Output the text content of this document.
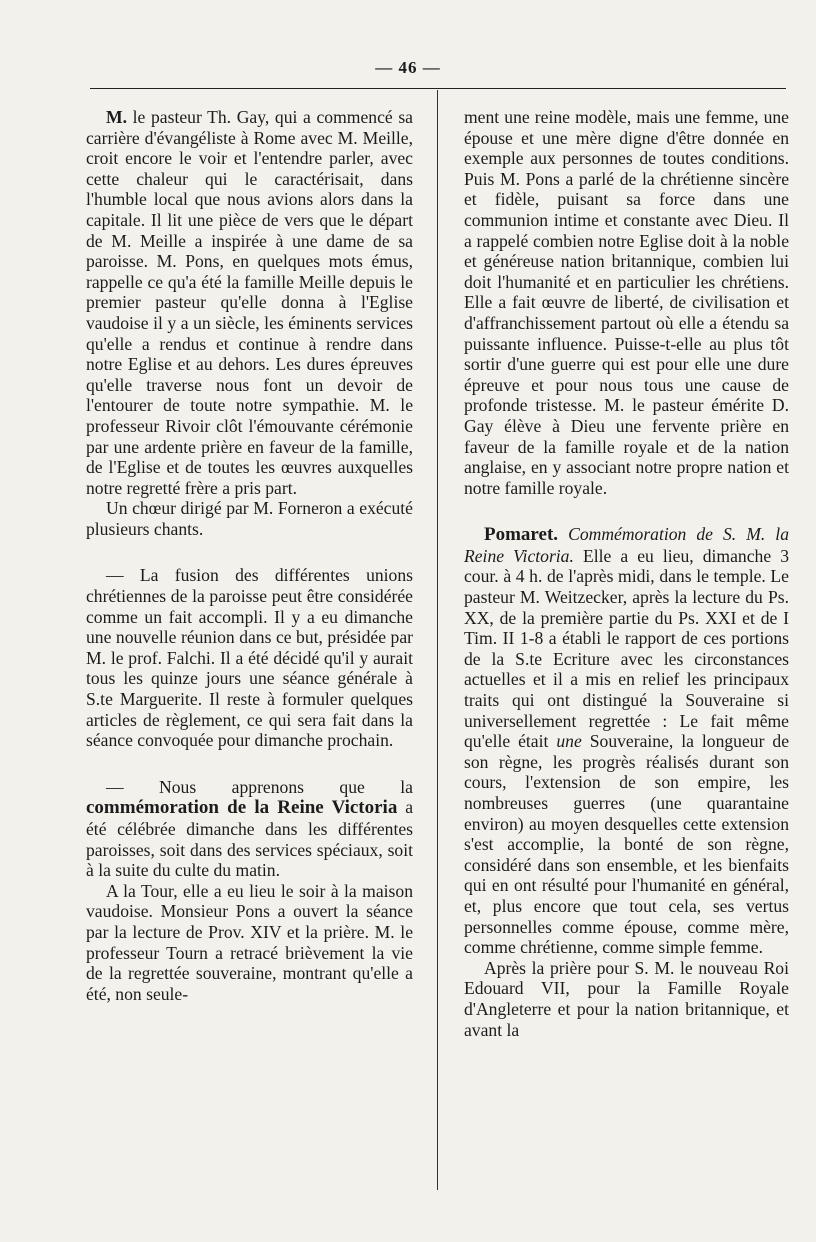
— 46 —

M. le pasteur Th. Gay, qui a commencé sa carrière d'évangéliste à Rome avec M. Meille, croit encore le voir et l'entendre parler, avec cette chaleur qui le caractérisait, dans l'humble local que nous avions alors dans la capitale. Il lit une pièce de vers que le départ de M. Meille a inspirée à une dame de sa paroisse. M. Pons, en quelques mots émus, rappelle ce qu'a été la famille Meille depuis le premier pasteur qu'elle donna à l'Eglise vaudoise il y a un siècle, les éminents services qu'elle a rendus et continue à rendre dans notre Eglise et au dehors. Les dures épreuves qu'elle traverse nous font un devoir de l'entourer de toute notre sympathie. M. le professeur Rivoir clôt l'émouvante cérémonie par une ardente prière en faveur de la famille, de l'Eglise et de toutes les œuvres auxquelles notre regretté frère a pris part.

Un chœur dirigé par M. Forneron a exécuté plusieurs chants.

— La fusion des différentes unions chrétiennes de la paroisse peut être considérée comme un fait accompli. Il y a eu dimanche une nouvelle réunion dans ce but, présidée par M. le prof. Falchi. Il a été décidé qu'il y aurait tous les quinze jours une séance générale à S.te Marguerite. Il reste à formuler quelques articles de règlement, ce qui sera fait dans la séance convoquée pour dimanche prochain.

— Nous apprenons que la commémoration de la Reine Victoria a été célébrée dimanche dans les différentes paroisses, soit dans des services spéciaux, soit à la suite du culte du matin.

A la Tour, elle a eu lieu le soir à la maison vaudoise. Monsieur Pons a ouvert la séance par la lecture de Prov. XIV et la prière. M. le professeur Tourn a retracé brièvement la vie de la regrettée souveraine, montrant qu'elle a été, non seule-

ment une reine modèle, mais une femme, une épouse et une mère digne d'être donnée en exemple aux personnes de toutes conditions. Puis M. Pons a parlé de la chrétienne sincère et fidèle, puisant sa force dans une communion intime et constante avec Dieu. Il a rappelé combien notre Eglise doit à la noble et généreuse nation britannique, combien lui doit l'humanité et en particulier les chrétiens. Elle a fait œuvre de liberté, de civilisation et d'affranchissement partout où elle a étendu sa puissante influence. Puisse-t-elle au plus tôt sortir d'une guerre qui est pour elle une dure épreuve et pour nous tous une cause de profonde tristesse. M. le pasteur émérite D. Gay élève à Dieu une fervente prière en faveur de la famille royale et de la nation anglaise, en y associant notre propre nation et notre famille royale.

Pomaret. Commémoration de S. M. la Reine Victoria. Elle a eu lieu, dimanche 3 cour. à 4 h. de l'après midi, dans le temple. Le pasteur M. Weitzecker, après la lecture du Ps. XX, de la première partie du Ps. XXI et de I Tim. II 1-8 a établi le rapport de ces portions de la S.te Ecriture avec les circonstances actuelles et il a mis en relief les principaux traits qui ont distingué la Souveraine si universellement regrettée : Le fait même qu'elle était une Souveraine, la longueur de son règne, les progrès réalisés durant son cours, l'extension de son empire, les nombreuses guerres (une quarantaine environ) au moyen desquelles cette extension s'est accomplie, la bonté de son règne, considéré dans son ensemble, et les bienfaits qui en ont résulté pour l'humanité en général, et, plus encore que tout cela, ses vertus personnelles comme épouse, comme mère, comme chrétienne, comme simple femme.

Après la prière pour S. M. le nouveau Roi Edouard VII, pour la Famille Royale d'Angleterre et pour la nation britannique, et avant la
